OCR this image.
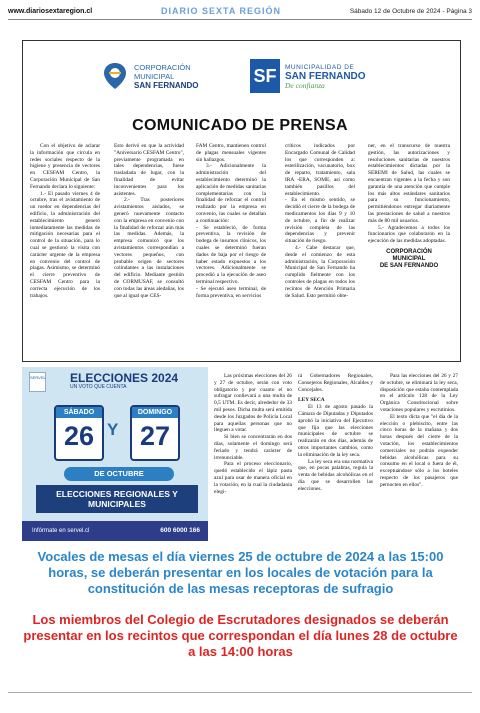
www.diariosextaregion.cl	DIARIO SEXTA REGIÓN	Sábado 12 de Octubre de 2024 - Página 3
CORPORACIÓN
MUNICIPAL
SAN FERNANDO	SF	MUNICIPALIDAD DE
SAN FERNANDO
De confianza
COMUNICADO DE PRENSA

Con el objetivo de aclarar la información que circula en redes sociales respecto de la higiene y presencia de vectores en CESFAM Centro, la Corporación Municipal de San Fernando declara lo siguiente:

1.- El pasado viernes 4 de octubre, tras el avistamiento de un roedor en dependencias del edificio, la administración del establecimiento generó inmediatamente las medidas de mitigación necesarias para el control de la situación, para lo cual se gestionó la visita con carácter urgente de la empresa en convenio del control de plagas. Asimismo, se determinó el cierre preventivo de CESFAM Centro para la correcta ejecución de los trabajos.

Esto derivó en que la actividad "Aniversario CESFAM Centro", previamente programada en tales dependencias, fuese trasladada de lugar, con la finalidad de evitar inconvenientes para los asistentes.

2.- Tras posteriores avistamientos aislados, se generó nuevamente contacto con la empresa en convenio con la finalidad de reforzar aún más las medidas. Además, la empresa comunicó que los avistamientos correspondían a vectores pequeños, con probable origen de sectores colindantes a las instalaciones del edificio. Mediante gestión de CORMUSAF, se consultó con todas las áreas aledañas, los que al igual que CES-

FAM Centro, mantienen control de plagas mensuales vigentes sin hallazgos.

3.- Adicionalmente la administración del establecimiento determinó la aplicación de medidas sanitarias complementarias con la finalidad de reforzar el control realizado por la empresa en convenio, las cuales se detallan a continuación:

- Se estableció, de forma preventiva, la revisión de bodega de insumos clínicos, los cuales se determinó fueran dados de baja por el riesgo de haber estado expuestos a los vectores. Adicionalmente se procedió a la ejecución de aseo terminal respectivo.

- Se ejecutó aseo terminal, de forma preventiva, en servicios

críticos indicados por Encargado Comunal de Calidad los que corresponden a: esterilización, vacunatorio, box de reparto, tratamiento, sala IRA -ERA, SOME, así como también pasillos del establecimiento.

- En el mismo sentido, se decidió el cierre de la bodega de medicamentos los días 9 y 10 de octubre, a fin de realizar revisión completa de las dependencias y prevenir situación de riesgo.

4.- Cabe destacar que, desde el comienzo de esta administración, la Corporación Municipal de San Fernando ha cumplido fielmente con los controles de plagas en todos los recintos de Atención Primaria de Salud. Esto permitió obte-

ner, en el transcurso de nuestra gestión, las autorizaciones y resoluciones sanitarias de nuestros establecimientos dictadas por la SEREMI de Salud, las cuales se encuentran vigentes a la fecha y son garantía de una atención que cumple los más altos estándares sanitarios para su funcionamiento, permitiéndonos entregar diariamente las prestaciones de salud a nuestros más de 80 mil usuarios.

5.- Agradecemos a todos los funcionarios que colaboraron en la ejecución de las medidas adoptadas.

CORPORACIÓN
MUNICIPAL
DE SAN FERNANDO
SERVEL ELECCIONES 2024
UN VOTO QUE CUENTA
SÁBADO
26 Y
DOMINGO
27
DE OCTUBRE
ELECCIONES REGIONALES Y MUNICIPALES
Infórmate en servel.cl	600 6000 166

Las próximas elecciones del 26 y 27 de octubre, serán con voto obligatorio y por cuanto el no sufragar conllevará a una multa de 0,5 UTM. Es decir, alrededor de 33 mil pesos. Dicha multa será emitida desde los Juzgados de Policía Local para aquellas personas que no lleguen a votar.

Si bien se concentrarán en dos días, solamente el domingo será feriado y tendrá carácter de irrenunciable.

Para el proceso eleccionario, quedó establecido el lápiz pasta azul para usar de manera oficial en la votación, en la cual la ciudadanía elegi-

rá Gobernadores Regionales, Consejeros Regionales, Alcaldes y Concejales.

LEY SECA

El 13 de agosto pasado la Cámara de Diputadas y Diputados aprobó la iniciativa del Ejecutivo que fija que las elecciones municipales de octubre se realizarán en dos días, además de otros importantes cambios, como la eliminación de la ley seca.

La ley seca era una normativa que, en pocas palabras, regula la venta de bebidas alcohólicas en el día que se desarrollen las elecciones.

Para las elecciones del 26 y 27 de octubre, se eliminará la ley seca, disposición que estaba contemplada en el artículo 128 de la Ley Orgánica Constitucional sobre votaciones populares y escrutinios.

El texto dicta que "el día de la elección o plebiscito, entre las cinco horas de la mañana y dos horas después del cierre de la votación, los establecimientos comerciales no podrán expender bebidas alcohólicas para su consumo en el local o fuera de él, exceptuándose sólo a los hoteles respecto de los pasajeros que pernocten en ellos".

Vocales de mesas el día viernes 25 de octubre de 2024 a las 15:00 horas, se deberán presentar en los locales de votación para la constitución de las mesas receptoras de sufragio
Los miembros del Colegio de Escrutadores designados se deberán presentar en los recintos que correspondan el día lunes 28 de octubre a las 14:00 horas
